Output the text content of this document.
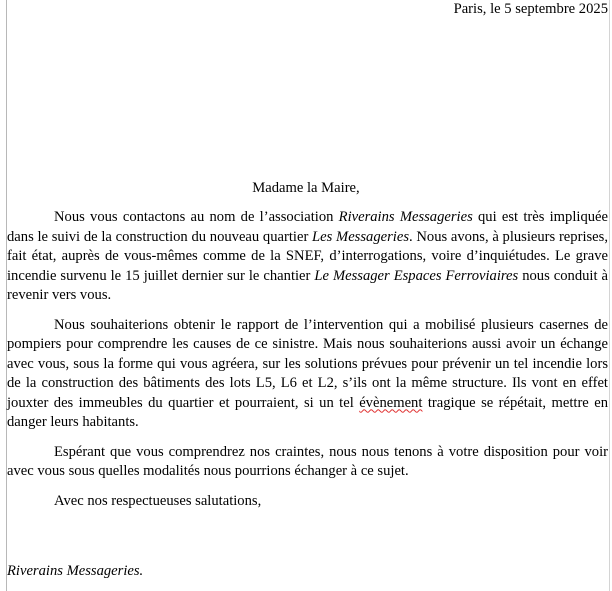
Paris, le 5 septembre 2025
Madame la Maire,

Nous vous contactons au nom de l’association Riverains Messageries qui est très impliquée dans le suivi de la construction du nouveau quartier Les Messageries. Nous avons, à plusieurs reprises, fait état, auprès de vous-mêmes comme de la SNEF, d’interrogations, voire d’inquiétudes. Le grave incendie survenu le 15 juillet dernier sur le chantier Le Messager Espaces Ferroviaires nous conduit à revenir vers vous.

Nous souhaiterions obtenir le rapport de l’intervention qui a mobilisé plusieurs casernes de pompiers pour comprendre les causes de ce sinistre. Mais nous souhaiterions aussi avoir un échange avec vous, sous la forme qui vous agréera, sur les solutions prévues pour prévenir un tel incendie lors de la construction des bâtiments des lots L5, L6 et L2, s’ils ont la même structure. Ils vont en effet jouxter des immeubles du quartier et pourraient, si un tel évènement tragique se répétait, mettre en danger leurs habitants.

Espérant que vous comprendrez nos craintes, nous nous tenons à votre disposition pour voir avec vous sous quelles modalités nous pourrions échanger à ce sujet.

Avec nos respectueuses salutations,

Riverains Messageries.
